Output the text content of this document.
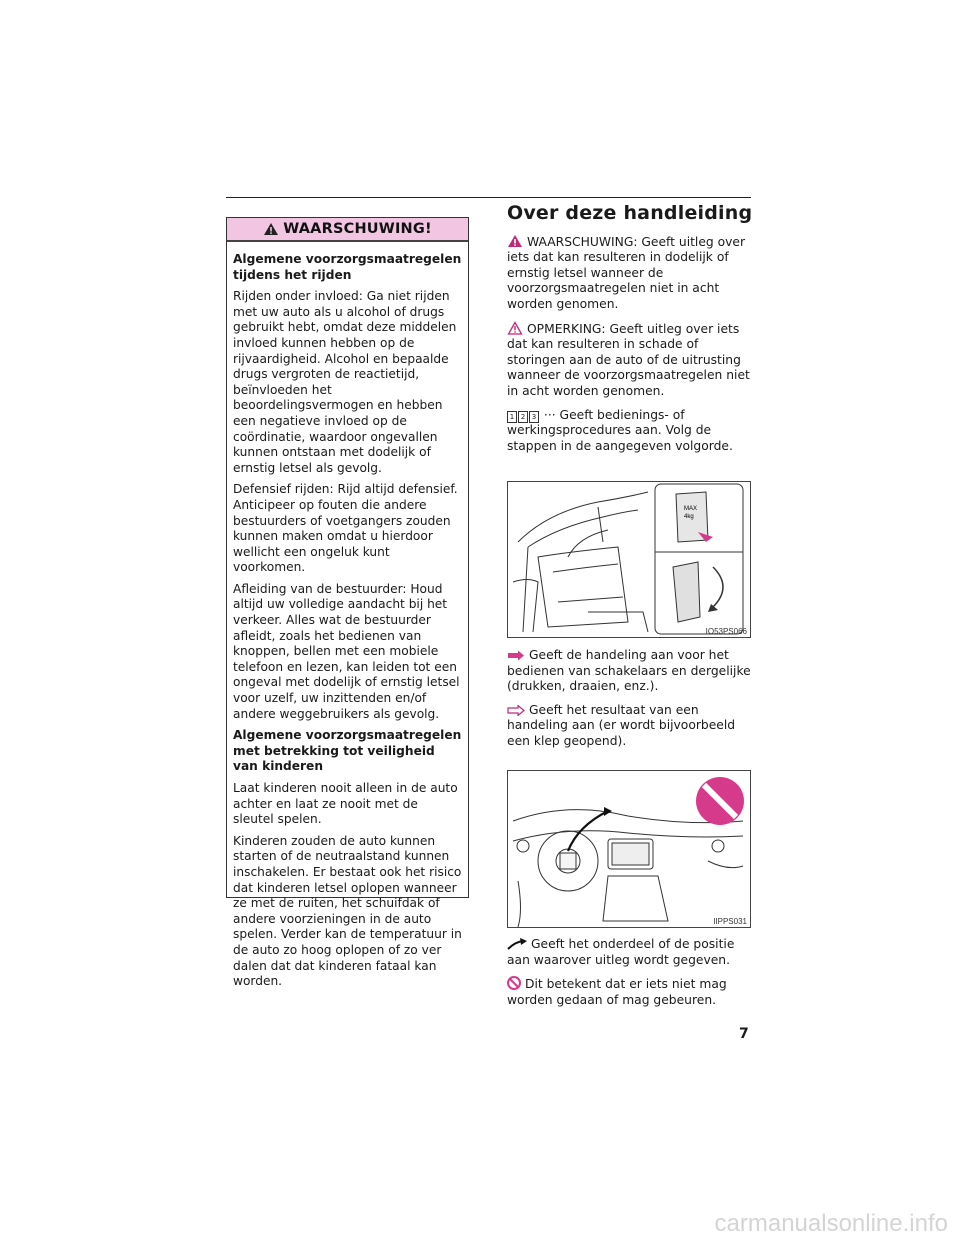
WAARSCHUWING!

Algemene voorzorgsmaatregelen tijdens het rijden

Rijden onder invloed: Ga niet rijden met uw auto als u alcohol of drugs gebruikt hebt, omdat deze middelen invloed kunnen hebben op de rijvaardigheid. Alcohol en bepaalde drugs vergroten de reactietijd, beïnvloeden het beoordelingsvermogen en hebben een negatieve invloed op de coördinatie, waardoor ongevallen kunnen ontstaan met dodelijk of ernstig letsel als gevolg.

Defensief rijden: Rijd altijd defensief. Anticipeer op fouten die andere bestuurders of voetgangers zouden kunnen maken omdat u hierdoor wellicht een ongeluk kunt voorkomen.

Afleiding van de bestuurder: Houd altijd uw volledige aandacht bij het verkeer. Alles wat de bestuurder afleidt, zoals het bedienen van knoppen, bellen met een mobiele telefoon en lezen, kan leiden tot een ongeval met dodelijk of ernstig letsel voor uzelf, uw inzittenden en/of andere weggebruikers als gevolg.

Algemene voorzorgsmaatregelen met betrekking tot veiligheid van kinderen

Laat kinderen nooit alleen in de auto achter en laat ze nooit met de sleutel spelen.

Kinderen zouden de auto kunnen starten of de neutraalstand kunnen inschakelen. Er bestaat ook het risico dat kinderen letsel oplopen wanneer ze met de ruiten, het schuifdak of andere voorzieningen in de auto spelen. Verder kan de temperatuur in de auto zo hoog oplopen of zo ver dalen dat dat kinderen fataal kan worden.

Over deze handleiding

WAARSCHUWING: Geeft uitleg over iets dat kan resulteren in dodelijk of ernstig letsel wanneer de voorzorgsmaatregelen niet in acht worden genomen.

OPMERKING: Geeft uitleg over iets dat kan resulteren in schade of storingen aan de auto of de uitrusting wanneer de voorzorgsmaatregelen niet in acht worden genomen.

1 2 3 ··· Geeft bedienings- of werkingsprocedures aan. Volg de stappen in de aangegeven volgorde.

MAX
4kg
IO53PS066

Geeft de handeling aan voor het bedienen van schakelaars en dergelijke (drukken, draaien, enz.).

Geeft het resultaat van een handeling aan (er wordt bijvoorbeeld een klep geopend).

IIPPS031

Geeft het onderdeel of de positie aan waarover uitleg wordt gegeven.

Dit betekent dat er iets niet mag worden gedaan of mag gebeuren.

7
carmanualsonline.info
